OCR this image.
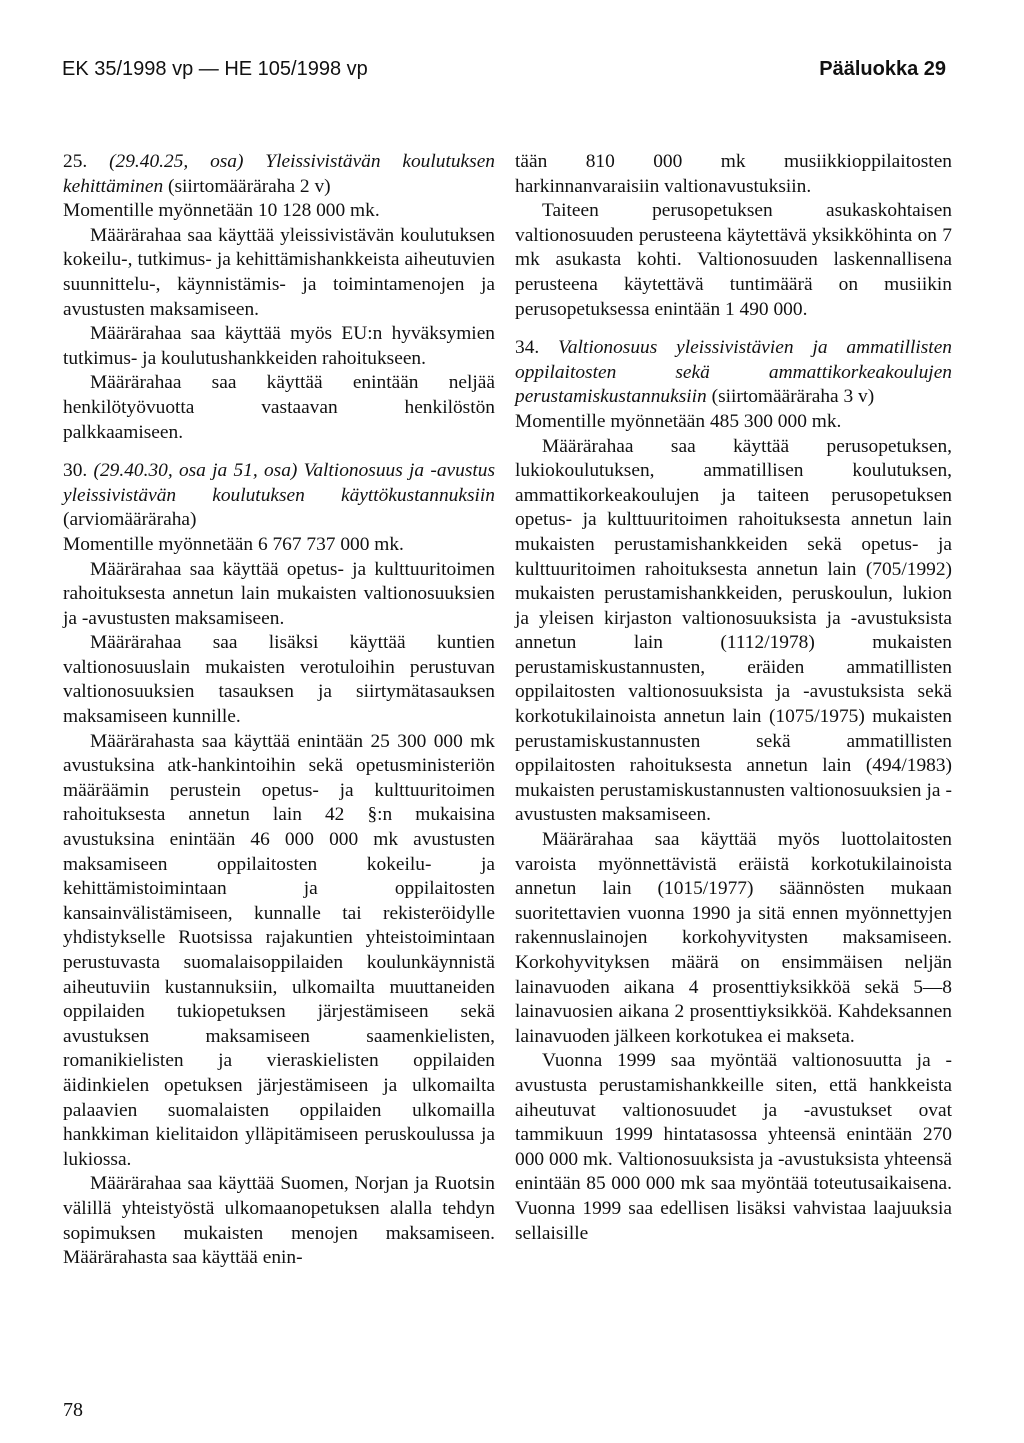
EK 35/1998 vp — HE 105/1998 vp	Pääluokka 29

25. (29.40.25, osa) Yleissivistävän koulutuksen kehittäminen (siirtomääräraha 2 v)

Momentille myönnetään 10 128 000 mk.

Määrärahaa saa käyttää yleissivistävän koulutuksen kokeilu-, tutkimus- ja kehittämishankkeista aiheutuvien suunnittelu-, käynnistämis- ja toimintamenojen ja avustusten maksamiseen.

Määrärahaa saa käyttää myös EU:n hyväksymien tutkimus- ja koulutushankkeiden rahoitukseen.

Määrärahaa saa käyttää enintään neljää henkilötyövuotta vastaavan henkilöstön palkkaamiseen.

30. (29.40.30, osa ja 51, osa) Valtionosuus ja -avustus yleissivistävän koulutuksen käyttökustannuksiin (arviomääräraha)

Momentille myönnetään 6 767 737 000 mk.

Määrärahaa saa käyttää opetus- ja kulttuuritoimen rahoituksesta annetun lain mukaisten valtionosuuksien ja -avustusten maksamiseen.

Määrärahaa saa lisäksi käyttää kuntien valtionosuuslain mukaisten verotuloihin perustuvan valtionosuuksien tasauksen ja siirtymätasauksen maksamiseen kunnille.

Määrärahasta saa käyttää enintään 25 300 000 mk avustuksina atk-hankintoihin sekä opetusministeriön määräämin perustein opetus- ja kulttuuritoimen rahoituksesta annetun lain 42 §:n mukaisina avustuksina enintään 46 000 000 mk avustusten maksamiseen oppilaitosten kokeilu- ja kehittämistoimintaan ja oppilaitosten kansainvälistämiseen, kunnalle tai rekisteröidylle yhdistykselle Ruotsissa rajakuntien yhteistoimintaan perustuvasta suomalaisoppilaiden koulunkäynnistä aiheutuviin kustannuksiin, ulkomailta muuttaneiden oppilaiden tukiopetuksen järjestämiseen sekä avustuksen maksamiseen saamenkielisten, romanikielisten ja vieraskielisten oppilaiden äidinkielen opetuksen järjestämiseen ja ulkomailta palaavien suomalaisten oppilaiden ulkomailla hankkiman kielitaidon ylläpitämiseen peruskoulussa ja lukiossa.

Määrärahaa saa käyttää Suomen, Norjan ja Ruotsin välillä yhteistyöstä ulkomaanopetuksen alalla tehdyn sopimuksen mukaisten menojen maksamiseen. Määrärahasta saa käyttää enin-

tään 810 000 mk musiikkioppilaitosten harkinnanvaraisiin valtionavustuksiin.

Taiteen perusopetuksen asukaskohtaisen valtionosuuden perusteena käytettävä yksikköhinta on 7 mk asukasta kohti. Valtionosuuden laskennallisena perusteena käytettävä tuntimäärä on musiikin perusopetuksessa enintään 1 490 000.

34. Valtionosuus yleissivistävien ja ammatillisten oppilaitosten sekä ammattikorkeakoulujen perustamiskustannuksiin (siirtomääräraha 3 v)

Momentille myönnetään 485 300 000 mk.

Määrärahaa saa käyttää perusopetuksen, lukiokoulutuksen, ammatillisen koulutuksen, ammattikorkeakoulujen ja taiteen perusopetuksen opetus- ja kulttuuritoimen rahoituksesta annetun lain mukaisten perustamishankkeiden sekä opetus- ja kulttuuritoimen rahoituksesta annetun lain (705/1992) mukaisten perustamishankkeiden, peruskoulun, lukion ja yleisen kirjaston valtionosuuksista ja -avustuksista annetun lain (1112/1978) mukaisten perustamiskustannusten, eräiden ammatillisten oppilaitosten valtionosuuksista ja -avustuksista sekä korkotukilainoista annetun lain (1075/1975) mukaisten perustamiskustannusten sekä ammatillisten oppilaitosten rahoituksesta annetun lain (494/1983) mukaisten perustamiskustannusten valtionosuuksien ja -avustusten maksamiseen.

Määrärahaa saa käyttää myös luottolaitosten varoista myönnettävistä eräistä korkotukilainoista annetun lain (1015/1977) säännösten mukaan suoritettavien vuonna 1990 ja sitä ennen myönnettyjen rakennuslainojen korkohyvitysten maksamiseen. Korkohyvityksen määrä on ensimmäisen neljän lainavuoden aikana 4 prosenttiyksikköä sekä 5—8 lainavuosien aikana 2 prosenttiyksikköä. Kahdeksannen lainavuoden jälkeen korkotukea ei makseta.

Vuonna 1999 saa myöntää valtionosuutta ja -avustusta perustamishankkeille siten, että hankkeista aiheutuvat valtionosuudet ja -avustukset ovat tammikuun 1999 hintatasossa yhteensä enintään 270 000 000 mk. Valtionosuuksista ja -avustuksista yhteensä enintään 85 000 000 mk saa myöntää toteutusaikaisena. Vuonna 1999 saa edellisen lisäksi vahvistaa laajuuksia sellaisille

78
